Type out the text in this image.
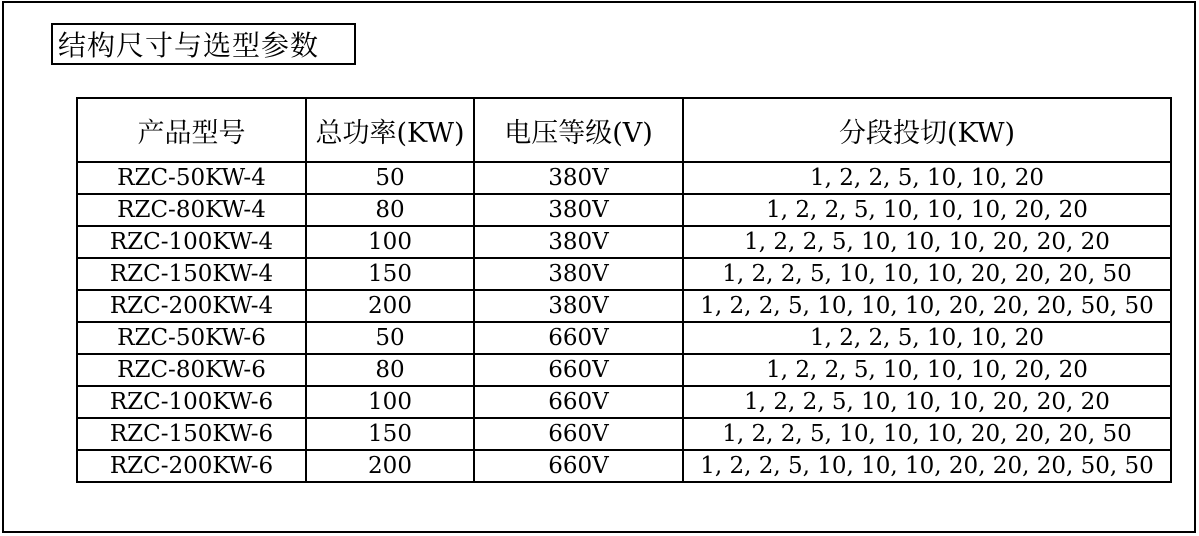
结构尺寸与选型参数
产品型号	总功率(KW)	电压等级(V)	分段投切(KW)
RZC-50KW-4	50	380V	1, 2, 2, 5, 10, 10, 20
RZC-80KW-4	80	380V	1, 2, 2, 5, 10, 10, 10, 20, 20
RZC-100KW-4	100	380V	1, 2, 2, 5, 10, 10, 10, 20, 20, 20
RZC-150KW-4	150	380V	1, 2, 2, 5, 10, 10, 10, 20, 20, 20, 50
RZC-200KW-4	200	380V	1, 2, 2, 5, 10, 10, 10, 20, 20, 20, 50, 50
RZC-50KW-6	50	660V	1, 2, 2, 5, 10, 10, 20
RZC-80KW-6	80	660V	1, 2, 2, 5, 10, 10, 10, 20, 20
RZC-100KW-6	100	660V	1, 2, 2, 5, 10, 10, 10, 20, 20, 20
RZC-150KW-6	150	660V	1, 2, 2, 5, 10, 10, 10, 20, 20, 20, 50
RZC-200KW-6	200	660V	1, 2, 2, 5, 10, 10, 10, 20, 20, 20, 50, 50
